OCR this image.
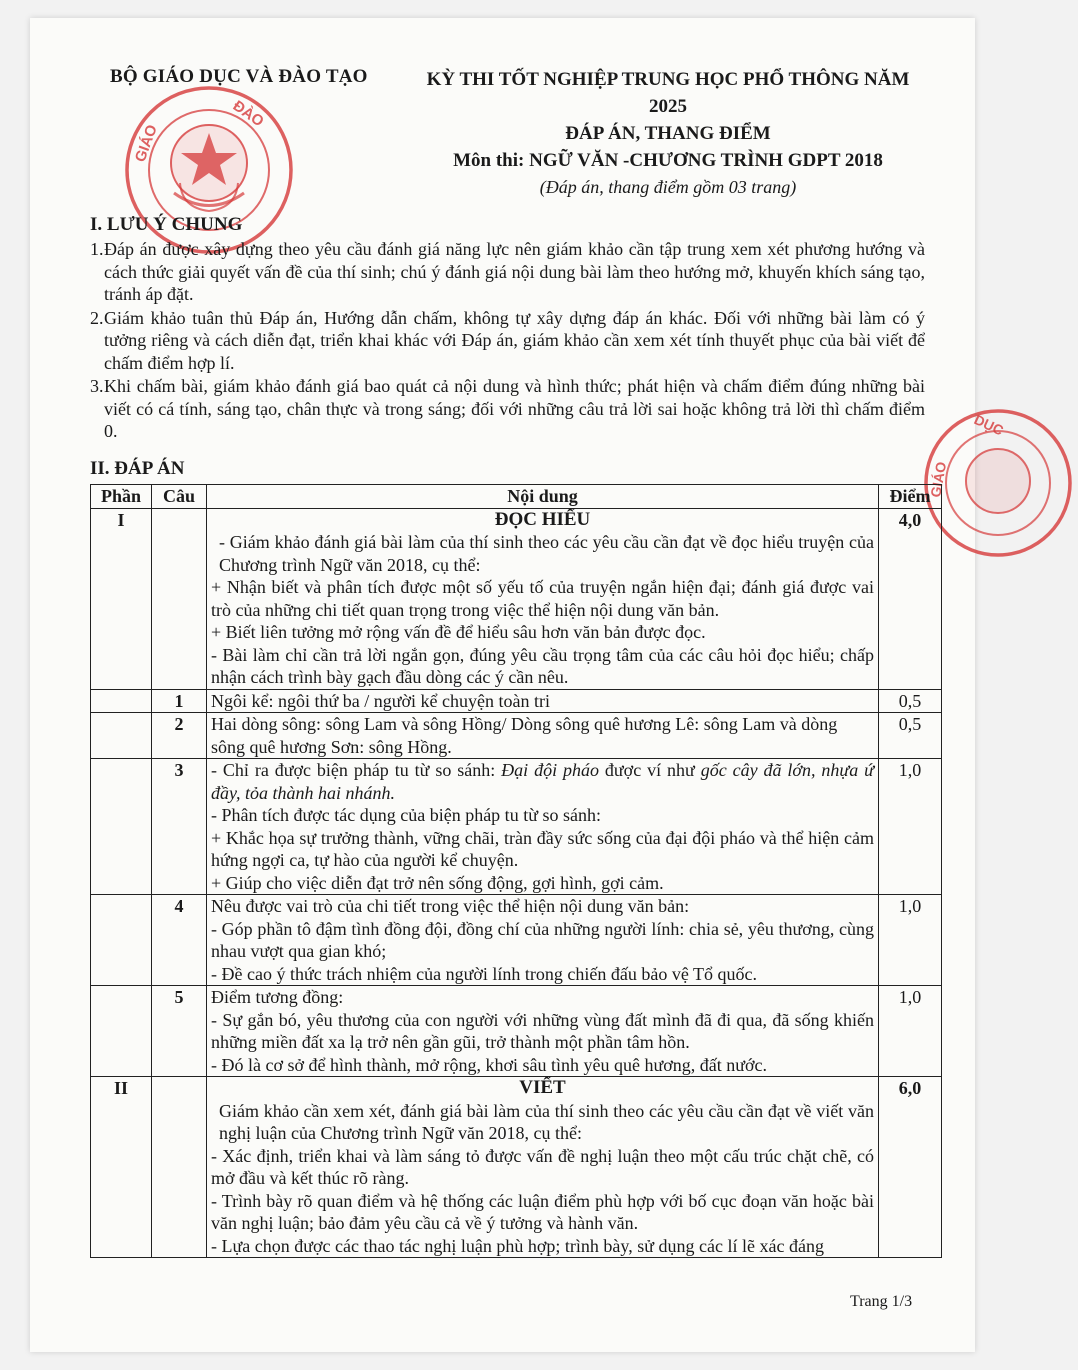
GIÁO
ĐÀO
GIÁO
DỤC
BỘ GIÁO DỤC VÀ ĐÀO TẠO	KỲ THI TỐT NGHIỆP TRUNG HỌC PHỔ THÔNG NĂM 2025
ĐÁP ÁN, THANG ĐIỂM
Môn thi: NGỮ VĂN -CHƯƠNG TRÌNH GDPT 2018
(Đáp án, thang điểm gồm 03 trang)
I. LƯU Ý CHUNG
1.Đáp án được xây dựng theo yêu cầu đánh giá năng lực nên giám khảo cần tập trung xem xét phương hướng và cách thức giải quyết vấn đề của thí sinh; chú ý đánh giá nội dung bài làm theo hướng mở, khuyến khích sáng tạo, tránh áp đặt.
2.Giám khảo tuân thủ Đáp án, Hướng dẫn chấm, không tự xây dựng đáp án khác. Đối với những bài làm có ý tưởng riêng và cách diễn đạt, triển khai khác với Đáp án, giám khảo cần xem xét tính thuyết phục của bài viết để chấm điểm hợp lí.
3.Khi chấm bài, giám khảo đánh giá bao quát cả nội dung và hình thức; phát hiện và chấm điểm đúng những bài viết có cá tính, sáng tạo, chân thực và trong sáng; đối với những câu trả lời sai hoặc không trả lời thì chấm điểm 0.
II. ĐÁP ÁN
Phần	Câu	Nội dung	Điểm
I		ĐỌC HIỂU
- Giám khảo đánh giá bài làm của thí sinh theo các yêu cầu cần đạt về đọc hiểu truyện của Chương trình Ngữ văn 2018, cụ thể:
+ Nhận biết và phân tích được một số yếu tố của truyện ngắn hiện đại; đánh giá được vai trò của những chi tiết quan trọng trong việc thể hiện nội dung văn bản.
+ Biết liên tưởng mở rộng vấn đề để hiểu sâu hơn văn bản được đọc.
- Bài làm chỉ cần trả lời ngắn gọn, đúng yêu cầu trọng tâm của các câu hỏi đọc hiểu; chấp nhận cách trình bày gạch đầu dòng các ý cần nêu.	4,0
	1	Ngôi kể: ngôi thứ ba / người kể chuyện toàn tri	0,5
	2	Hai dòng sông: sông Lam và sông Hồng/ Dòng sông quê hương Lê: sông Lam và dòng sông quê hương Sơn: sông Hồng.	0,5
	3	- Chỉ ra được biện pháp tu từ so sánh: Đại đội pháo được ví như gốc cây đã lớn, nhựa ứ đầy, tỏa thành hai nhánh.
- Phân tích được tác dụng của biện pháp tu từ so sánh:
+ Khắc họa sự trưởng thành, vững chãi, tràn đầy sức sống của đại đội pháo và thể hiện cảm hứng ngợi ca, tự hào của người kể chuyện.
+ Giúp cho việc diễn đạt trở nên sống động, gợi hình, gợi cảm.	1,0
	4	Nêu được vai trò của chi tiết trong việc thể hiện nội dung văn bản:
- Góp phần tô đậm tình đồng đội, đồng chí của những người lính: chia sẻ, yêu thương, cùng nhau vượt qua gian khó;
- Đề cao ý thức trách nhiệm của người lính trong chiến đấu bảo vệ Tổ quốc.	1,0
	5	Điểm tương đồng:
- Sự gắn bó, yêu thương của con người với những vùng đất mình đã đi qua, đã sống khiến những miền đất xa lạ trở nên gần gũi, trở thành một phần tâm hồn.
- Đó là cơ sở để hình thành, mở rộng, khơi sâu tình yêu quê hương, đất nước.	1,0
II		VIẾT
Giám khảo cần xem xét, đánh giá bài làm của thí sinh theo các yêu cầu cần đạt về viết văn nghị luận của Chương trình Ngữ văn 2018, cụ thể:
- Xác định, triển khai và làm sáng tỏ được vấn đề nghị luận theo một cấu trúc chặt chẽ, có mở đầu và kết thúc rõ ràng.
- Trình bày rõ quan điểm và hệ thống các luận điểm phù hợp với bố cục đoạn văn hoặc bài văn nghị luận; bảo đảm yêu cầu cả về ý tưởng và hành văn.
- Lựa chọn được các thao tác nghị luận phù hợp; trình bày, sử dụng các lí lẽ xác đáng	6,0
Trang 1/3
